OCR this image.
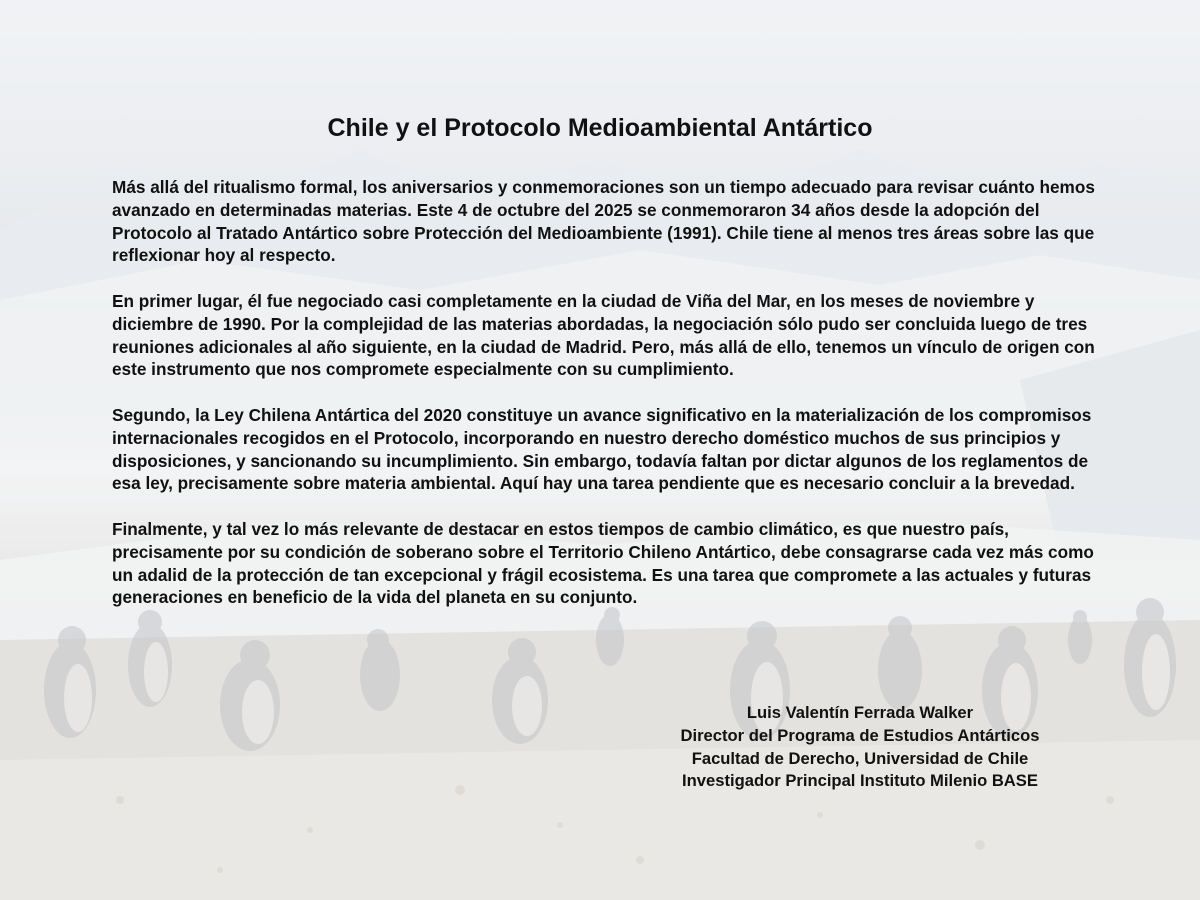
Chile y el Protocolo Medioambiental Antártico

Más allá del ritualismo formal, los aniversarios y conmemoraciones son un tiempo adecuado para revisar cuánto hemos avanzado en determinadas materias. Este 4 de octubre del 2025 se conmemoraron 34 años desde la adopción del Protocolo al Tratado Antártico sobre Protección del Medioambiente (1991). Chile tiene al menos tres áreas sobre las que reflexionar hoy al respecto.

En primer lugar, él fue negociado casi completamente en la ciudad de Viña del Mar, en los meses de noviembre y diciembre de 1990. Por la complejidad de las materias abordadas, la negociación sólo pudo ser concluida luego de tres reuniones adicionales al año siguiente, en la ciudad de Madrid. Pero, más allá de ello, tenemos un vínculo de origen con este instrumento que nos compromete especialmente con su cumplimiento.

Segundo, la Ley Chilena Antártica del 2020 constituye un avance significativo en la materialización de los compromisos internacionales recogidos en el Protocolo, incorporando en nuestro derecho doméstico muchos de sus principios y disposiciones, y sancionando su incumplimiento. Sin embargo, todavía faltan por dictar algunos de los reglamentos de esa ley, precisamente sobre materia ambiental. Aquí hay una tarea pendiente que es necesario concluir a la brevedad.

Finalmente, y tal vez lo más relevante de destacar en estos tiempos de cambio climático, es que nuestro país, precisamente por su condición de soberano sobre el Territorio Chileno Antártico, debe consagrarse cada vez más como un adalid de la protección de tan excepcional y frágil ecosistema. Es una tarea que compromete a las actuales y futuras generaciones en beneficio de la vida del planeta en su conjunto.

Luis Valentín Ferrada Walker
Director del Programa de Estudios Antárticos
Facultad de Derecho, Universidad de Chile
Investigador Principal Instituto Milenio BASE
